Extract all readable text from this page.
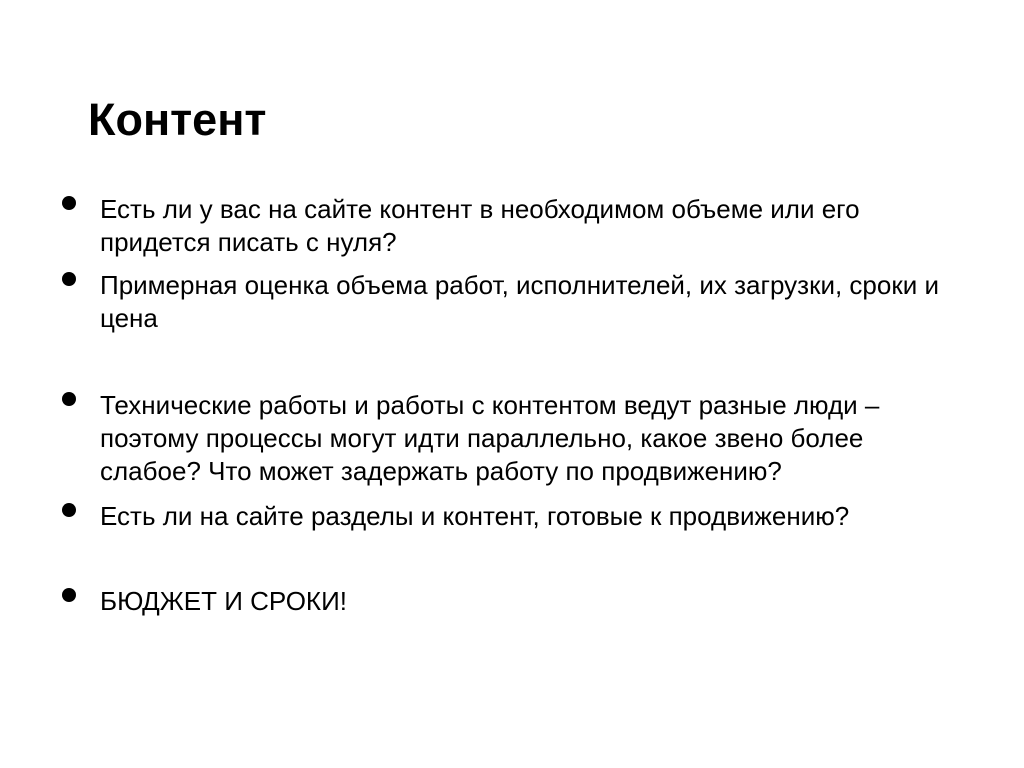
Контент

Есть ли у вас на сайте контент в необходимом объеме или его придется писать с нуля?

Примерная оценка объема работ, исполнителей, их загрузки, сроки и цена

Технические работы и работы с контентом ведут разные люди – поэтому процессы могут идти параллельно, какое звено более слабое? Что может задержать работу по продвижению?

Есть ли на сайте разделы и контент, готовые к продвижению?

БЮДЖЕТ И СРОКИ!
